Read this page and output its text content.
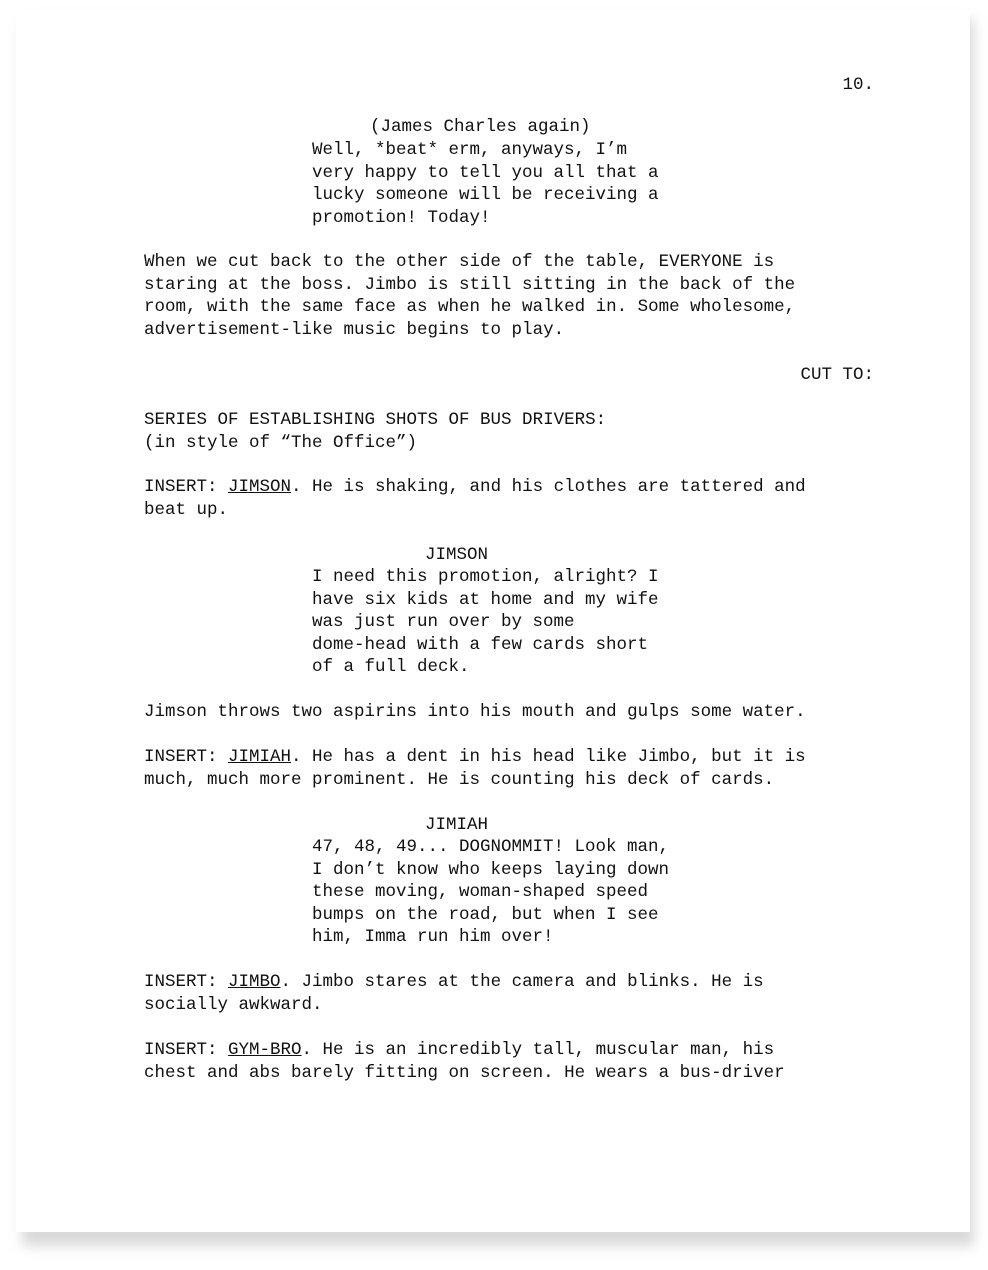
10.
(James Charles again)
Well, *beat* erm, anyways, I’m
very happy to tell you all that a
lucky someone will be receiving a
promotion! Today!
When we cut back to the other side of the table, EVERYONE is
staring at the boss. Jimbo is still sitting in the back of the
room, with the same face as when he walked in. Some wholesome,
advertisement-like music begins to play.
CUT TO:
SERIES OF ESTABLISHING SHOTS OF BUS DRIVERS:
(in style of “The Office”)
INSERT: JIMSON. He is shaking, and his clothes are tattered and
beat up.
JIMSON
I need this promotion, alright? I
have six kids at home and my wife
was just run over by some
dome-head with a few cards short
of a full deck.
Jimson throws two aspirins into his mouth and gulps some water.
INSERT: JIMIAH. He has a dent in his head like Jimbo, but it is
much, much more prominent. He is counting his deck of cards.
JIMIAH
47, 48, 49... DOGNOMMIT! Look man,
I don’t know who keeps laying down
these moving, woman-shaped speed
bumps on the road, but when I see
him, Imma run him over!
INSERT: JIMBO. Jimbo stares at the camera and blinks. He is
socially awkward.
INSERT: GYM-BRO. He is an incredibly tall, muscular man, his
chest and abs barely fitting on screen. He wears a bus-driver
